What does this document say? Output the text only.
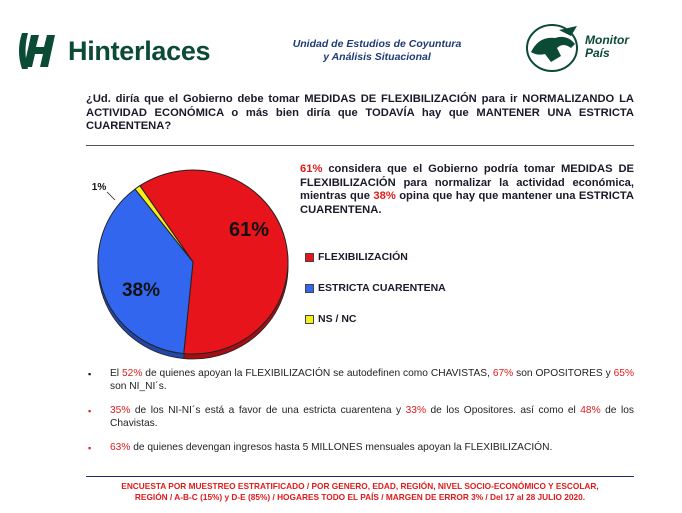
Hinterlaces	Unidad de Estudios de Coyuntura
y Análisis Situacional
Monitor
País
¿Ud. diría que el Gobierno debe tomar MEDIDAS DE FLEXIBILIZACIÓN para ir NORMALIZANDO LA ACTIVIDAD ECONÓMICA o más bien diría que TODAVÍA hay que MANTENER UNA ESTRICTA CUARENTENA?
61%
38%
1%
61% considera que el Gobierno podría tomar MEDIDAS DE FLEXIBILIZACIÓN para normalizar la actividad económica, mientras que 38% opina que hay que mantener una ESTRICTA CUARENTENA.
FLEXIBILIZACIÓN
ESTRICTA CUARENTENA
NS / NC
▪	El 52% de quienes apoyan la FLEXIBILIZACIÓN se autodefinen como CHAVISTAS, 67% son OPOSITORES y 65% son NI_NI´s.
▪	35% de los NI-NI´s está a favor de una estricta cuarentena y 33% de los Opositores. así como el 48% de los Chavistas.
▪	63% de quienes devengan ingresos hasta 5 MILLONES mensuales apoyan la FLEXIBILIZACIÓN.
ENCUESTA POR MUESTREO ESTRATIFICADO / POR GENERO, EDAD, REGIÓN, NIVEL SOCIO-ECONÓMICO Y ESCOLAR,
REGIÓN / A-B-C (15%) y D-E (85%) / HOGARES TODO EL PAÍS / MARGEN DE ERROR 3% / Del 17 al 28 JULIO 2020.
